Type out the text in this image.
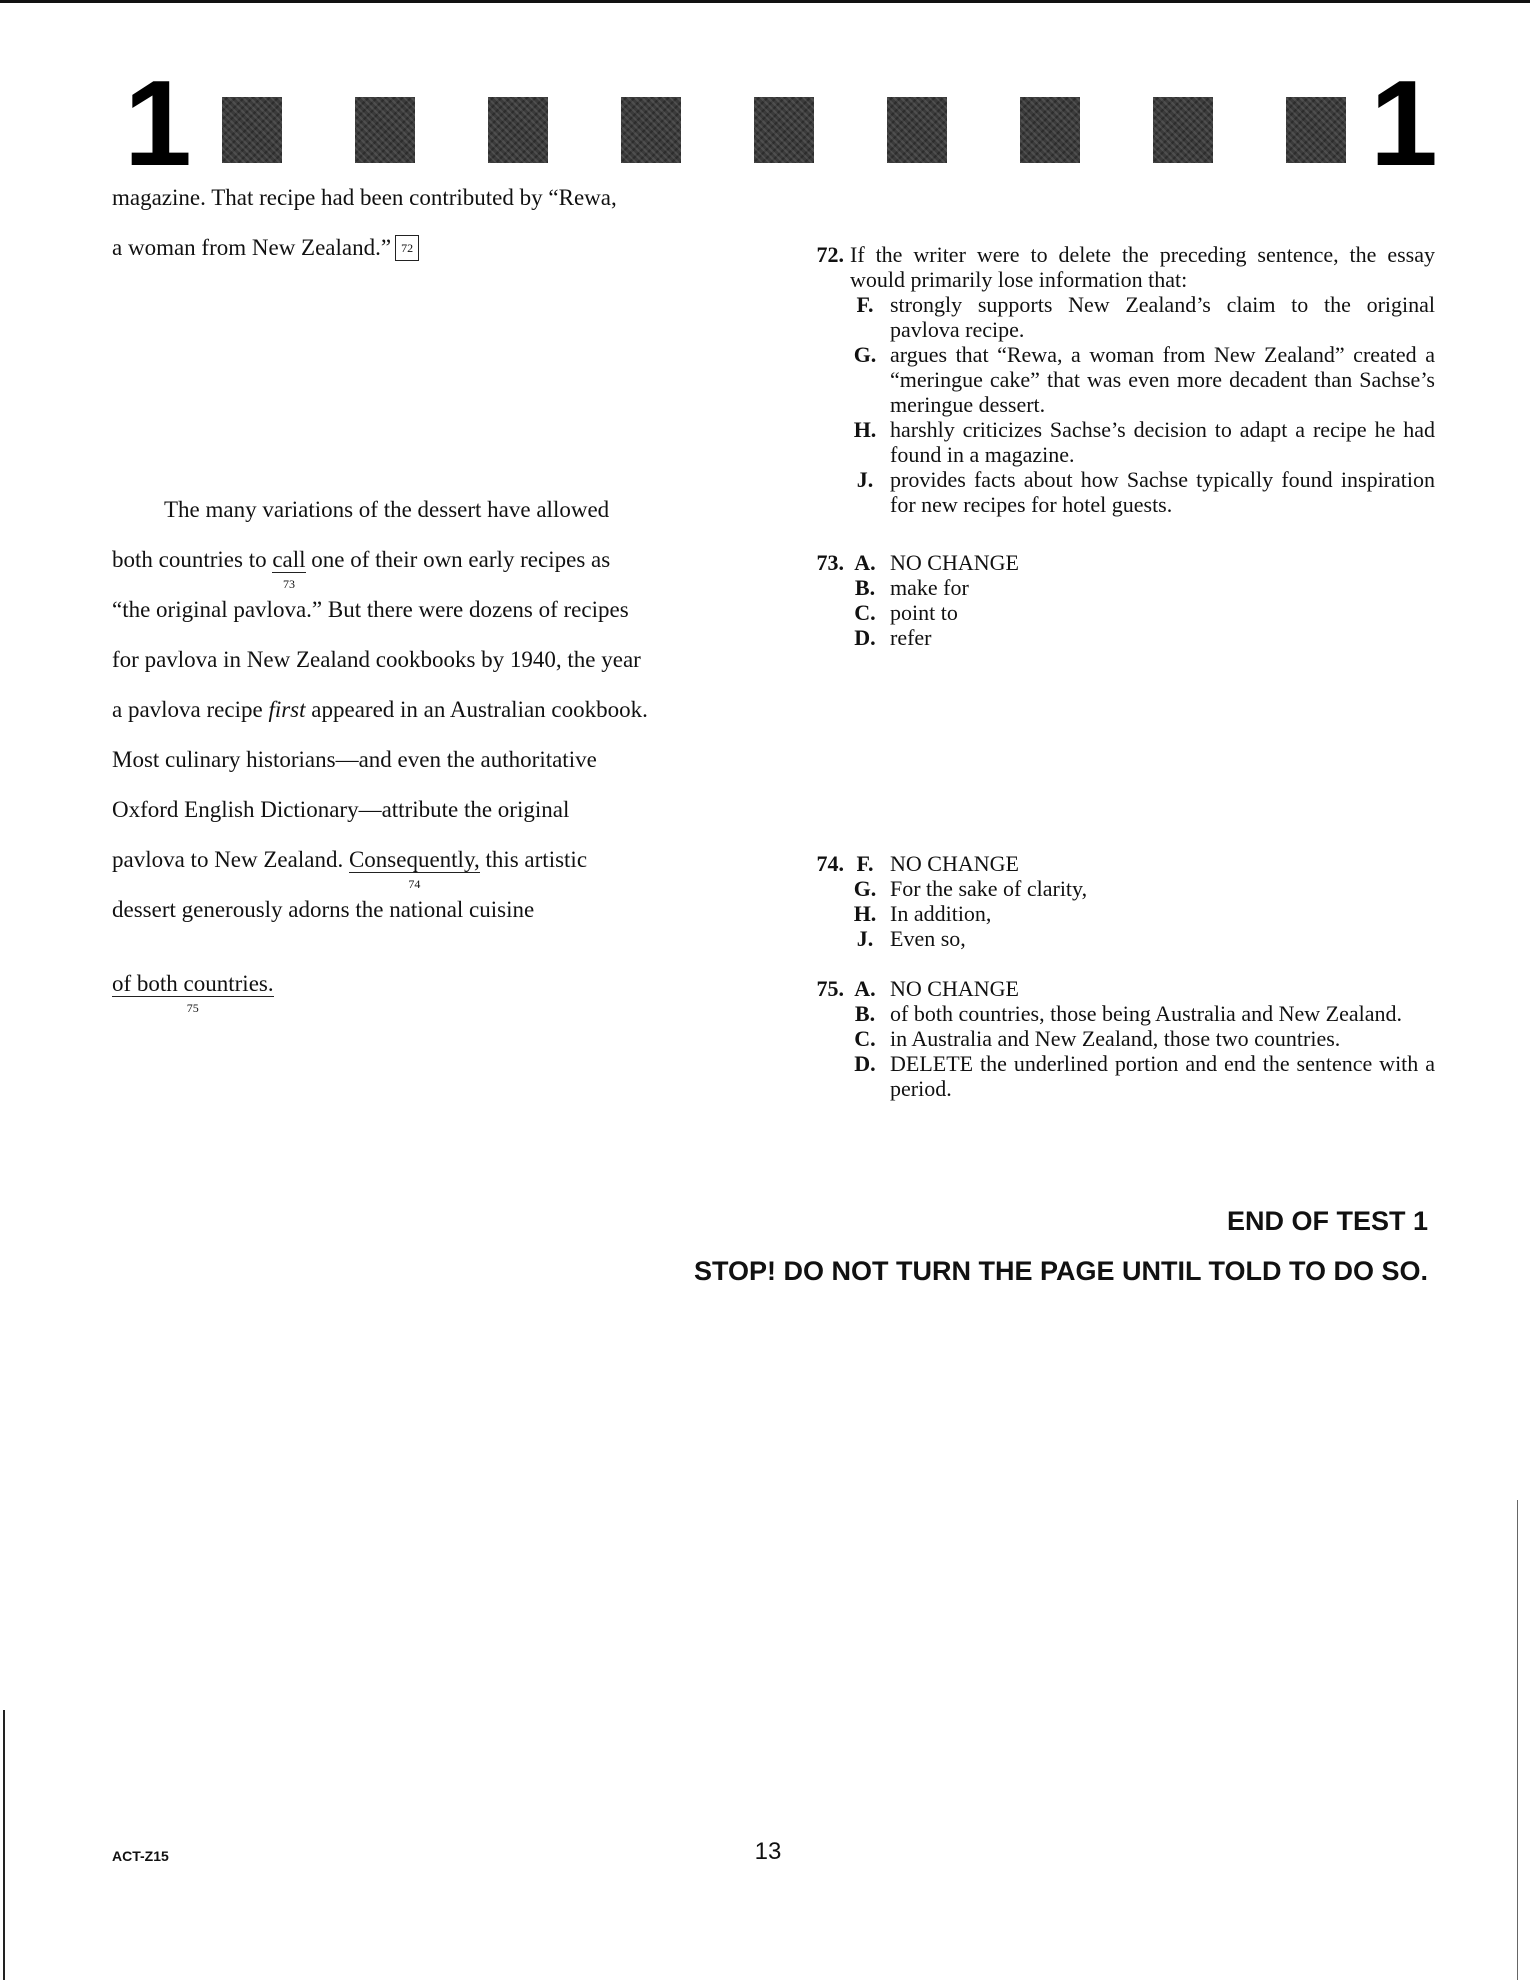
1	1
magazine. That recipe had been contributed by “Rewa,
a woman from New Zealand.” 72
The many variations of the dessert have allowed
both countries to call
73
one of their own early recipes as
“the original pavlova.” But there were dozens of recipes
for pavlova in New Zealand cookbooks by 1940, the year
a pavlova recipe first appeared in an Australian cookbook.
Most culinary historians—and even the authoritative
Oxford English Dictionary—attribute the original
pavlova to New Zealand. Consequently,
74
this artistic
dessert generously adorns the national cuisine
of both countries.
75
72. If the writer were to delete the preceding sentence, the essay would primarily lose information that:
F. strongly supports New Zealand’s claim to the original pavlova recipe.
G. argues that “Rewa, a woman from New Zealand” created a “meringue cake” that was even more decadent than Sachse’s meringue dessert.
H. harshly criticizes Sachse’s decision to adapt a recipe he had found in a magazine.
J. provides facts about how Sachse typically found inspiration for new recipes for hotel guests.
73. A. NO CHANGE
B. make for
C. point to
D. refer
74. F. NO CHANGE
G. For the sake of clarity,
H. In addition,
J. Even so,
75. A. NO CHANGE
B. of both countries, those being Australia and New Zealand.
C. in Australia and New Zealand, those two countries.
D. DELETE the underlined portion and end the sentence with a period.
END OF TEST 1
STOP! DO NOT TURN THE PAGE UNTIL TOLD TO DO SO.
ACT-Z15	13
